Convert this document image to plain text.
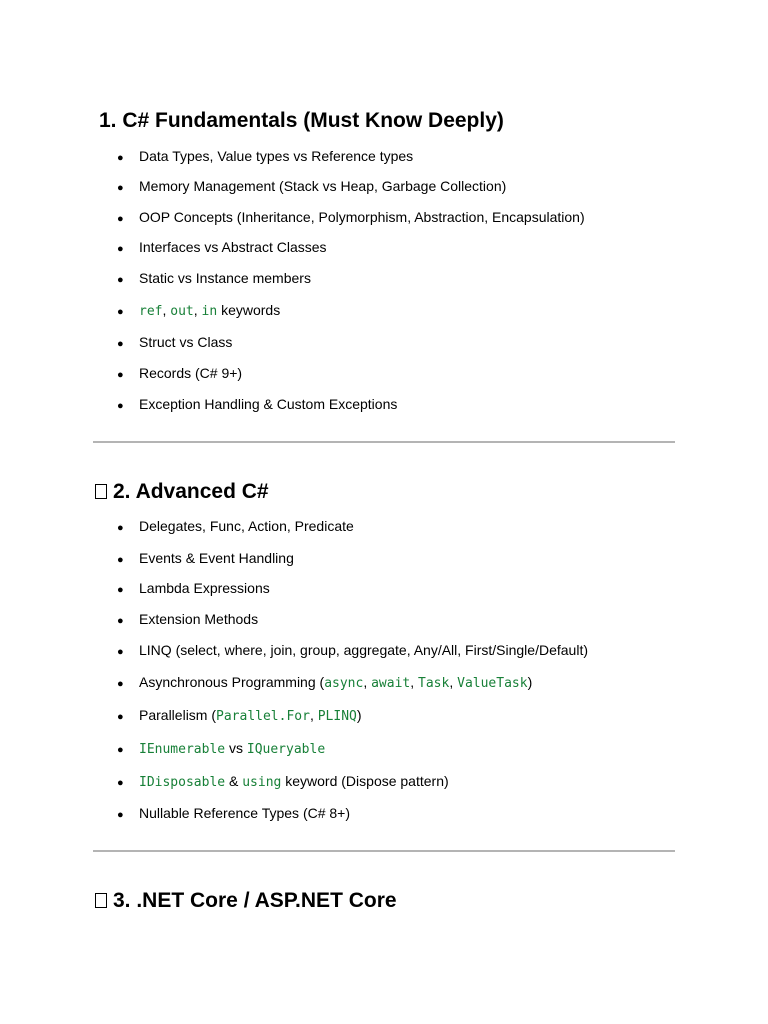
1. C# Fundamentals (Must Know Deeply)
● Data Types, Value types vs Reference types
● Memory Management (Stack vs Heap, Garbage Collection)
● OOP Concepts (Inheritance, Polymorphism, Abstraction, Encapsulation)
● Interfaces vs Abstract Classes
● Static vs Instance members
● ref, out, in keywords
● Struct vs Class
● Records (C# 9+)
● Exception Handling & Custom Exceptions
2. Advanced C#
● Delegates, Func, Action, Predicate
● Events & Event Handling
● Lambda Expressions
● Extension Methods
● LINQ (select, where, join, group, aggregate, Any/All, First/Single/Default)
● Asynchronous Programming (async, await, Task, ValueTask)
● Parallelism (Parallel.For, PLINQ)
● IEnumerable vs IQueryable
● IDisposable & using keyword (Dispose pattern)
● Nullable Reference Types (C# 8+)
3. .NET Core / ASP.NET Core
